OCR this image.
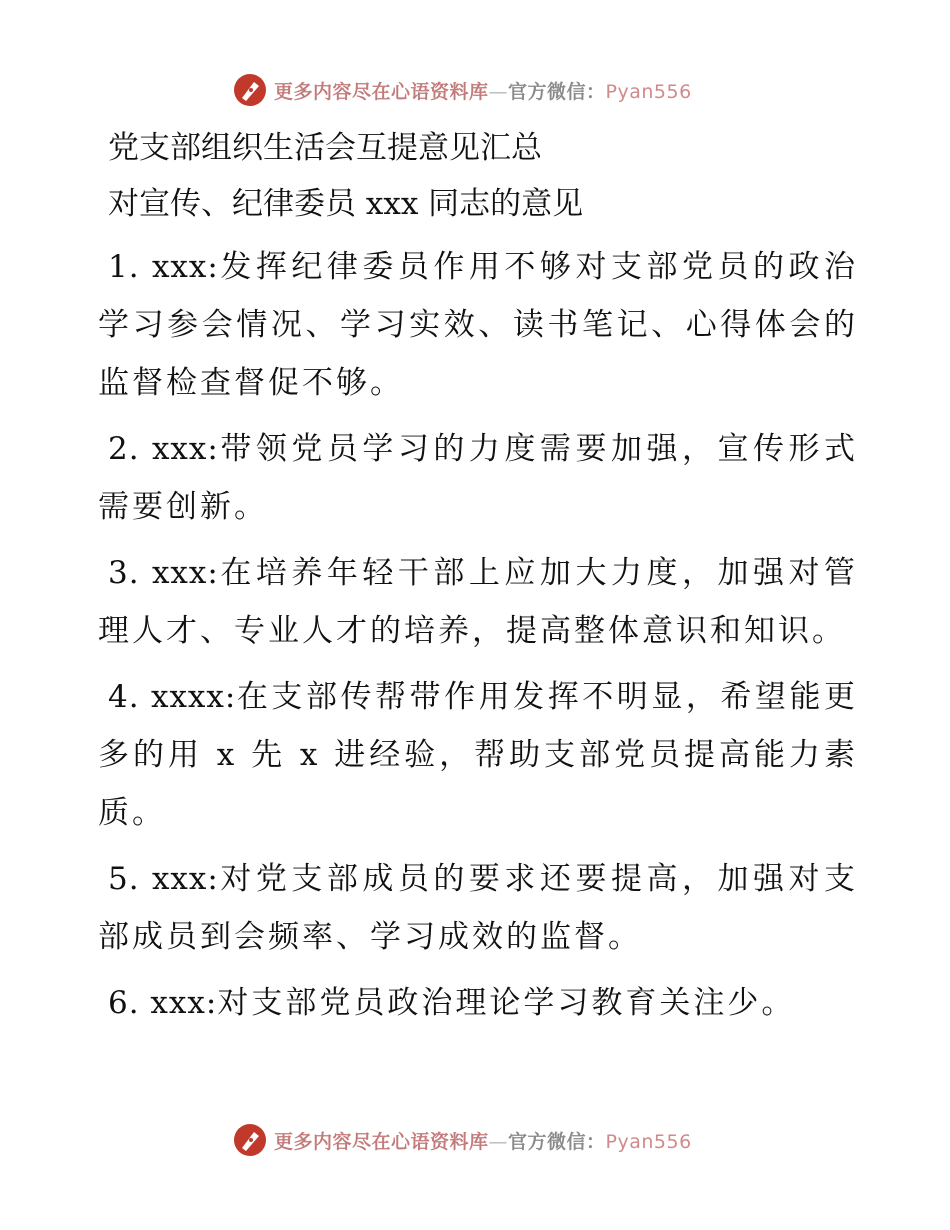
更多内容尽在心语资料库—官方微信：Pyan556

党支部组织生活会互提意见汇总

对宣传、纪律委员 xxx 同志的意见

1. xxx:发挥纪律委员作用不够对支部党员的政治学习参会情况、学习实效、读书笔记、心得体会的监督检查督促不够。

2. xxx:带领党员学习的力度需要加强，宣传形式需要创新。

3. xxx:在培养年轻干部上应加大力度，加强对管理人才、专业人才的培养，提高整体意识和知识。

4. xxxx:在支部传帮带作用发挥不明显，希望能更多的用 x 先 x 进经验，帮助支部党员提高能力素质。

5. xxx:对党支部成员的要求还要提高，加强对支部成员到会频率、学习成效的监督。

6. xxx:对支部党员政治理论学习教育关注少。

更多内容尽在心语资料库—官方微信：Pyan556
